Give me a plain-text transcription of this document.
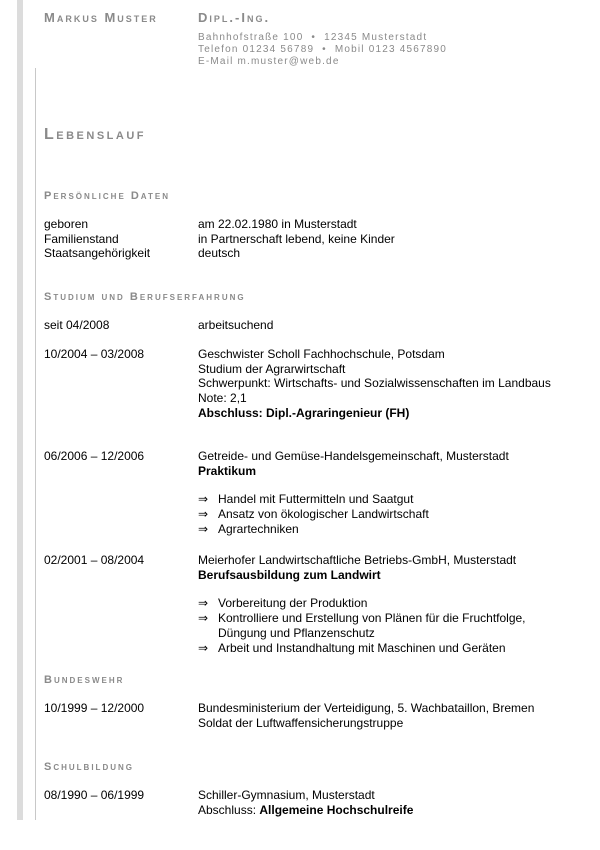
Markus Muster	Dipl.-Ing.
Bahnhofstraße 100  •  12345 Musterstadt
Telefon 01234 56789  •  Mobil 0123 4567890
E-Mail m.muster@web.de
Lebenslauf
Persönliche Daten
geboren	am 22.02.1980 in Musterstadt
Familienstand	in Partnerschaft lebend, keine Kinder
Staatsangehörigkeit	deutsch
Studium und Berufserfahrung
seit 04/2008	arbeitsuchend
10/2004 – 03/2008	Geschwister Scholl Fachhochschule, Potsdam
Studium der Agrarwirtschaft
Schwerpunkt: Wirtschafts- und Sozialwissenschaften im Landbaus
Note: 2,1
Abschluss: Dipl.-Agraringenieur (FH)
06/2006 – 12/2006	Getreide- und Gemüse-Handelsgemeinschaft, Musterstadt
Praktikum
⇒ Handel mit Futtermitteln und Saatgut
⇒ Ansatz von ökologischer Landwirtschaft
⇒ Agrartechniken
02/2001 – 08/2004	Meierhofer Landwirtschaftliche Betriebs-GmbH, Musterstadt
Berufsausbildung zum Landwirt
⇒ Vorbereitung der Produktion
⇒ Kontrolliere und Erstellung von Plänen für die Fruchtfolge, Düngung und Pflanzenschutz
⇒ Arbeit und Instandhaltung mit Maschinen und Geräten
Bundeswehr
10/1999 – 12/2000	Bundesministerium der Verteidigung, 5. Wachbataillon, Bremen
Soldat der Luftwaffensicherungstruppe
Schulbildung
08/1990 – 06/1999	Schiller-Gymnasium, Musterstadt
Abschluss: Allgemeine Hochschulreife
